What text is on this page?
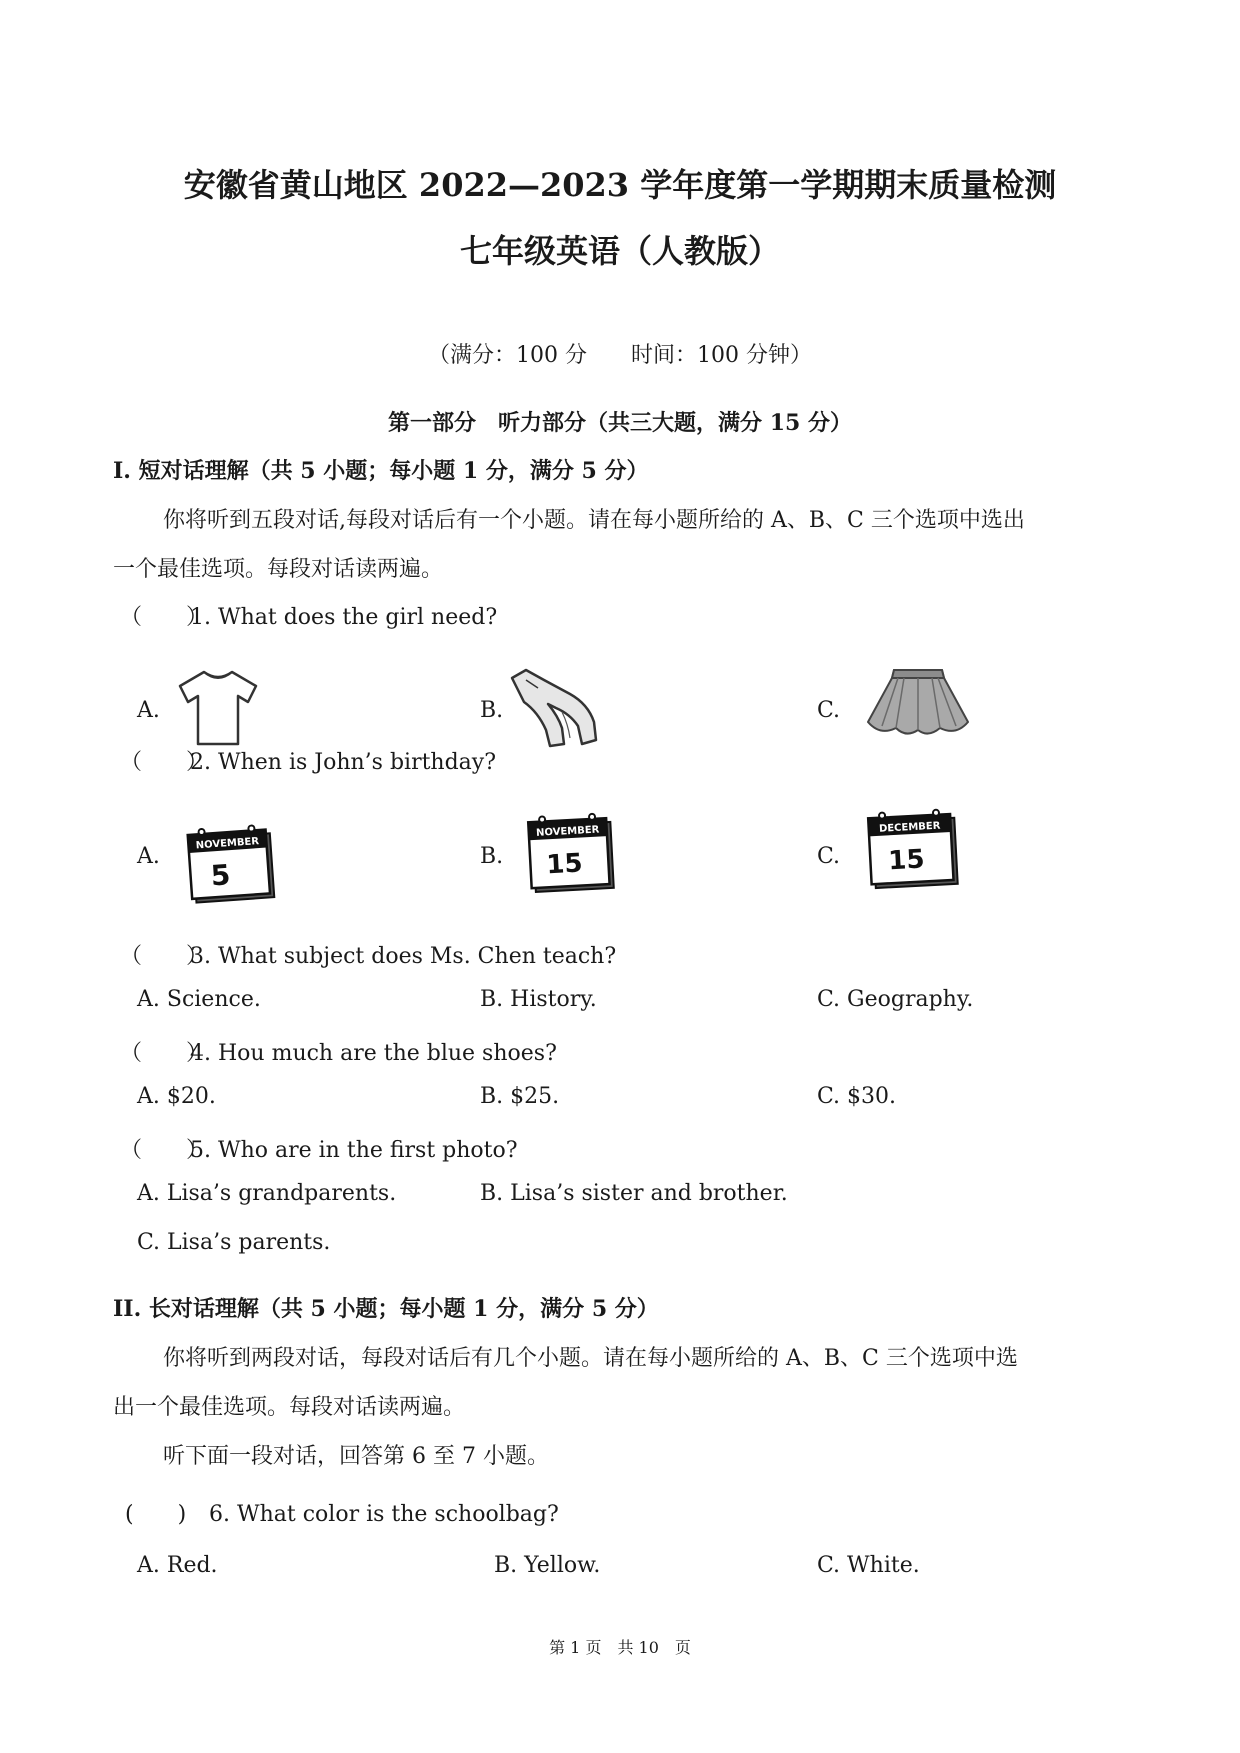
安徽省黄山地区 2022—2023 学年度第一学期期末质量检测
七年级英语（人教版）
（满分：100 分　　时间：100 分钟）
第一部分　听力部分（共三大题，满分 15 分）
I. 短对话理解（共 5 小题；每小题 1 分，满分 5 分）
你将听到五段对话,每段对话后有一个小题。请在每小题所给的 A、B、C 三个选项中选出
一个最佳选项。每段对话读两遍。
（　　）1. What does the girl need?
A.	B.	C.
（　　）2. When is John’s birthday?
A.
NOVEMBER
5
B.
NOVEMBER
15	C.
DECEMBER
15
（　　）3. What subject does Ms. Chen teach?
A. Science.	B. History.	C. Geography.
（　　）4. Hou much are the blue shoes?
A. $20.	B. $25.	C. $30.
（　　）5. Who are in the first photo?
A. Lisa’s grandparents.	B. Lisa’s sister and brother.
C. Lisa’s parents.
II. 长对话理解（共 5 小题；每小题 1 分，满分 5 分）
你将听到两段对话，每段对话后有几个小题。请在每小题所给的 A、B、C 三个选项中选
出一个最佳选项。每段对话读两遍。
听下面一段对话，回答第 6 至 7 小题。
(　　) 6. What color is the schoolbag?
A. Red.	B. Yellow.	C. White.
第 1 页　共 10　页
